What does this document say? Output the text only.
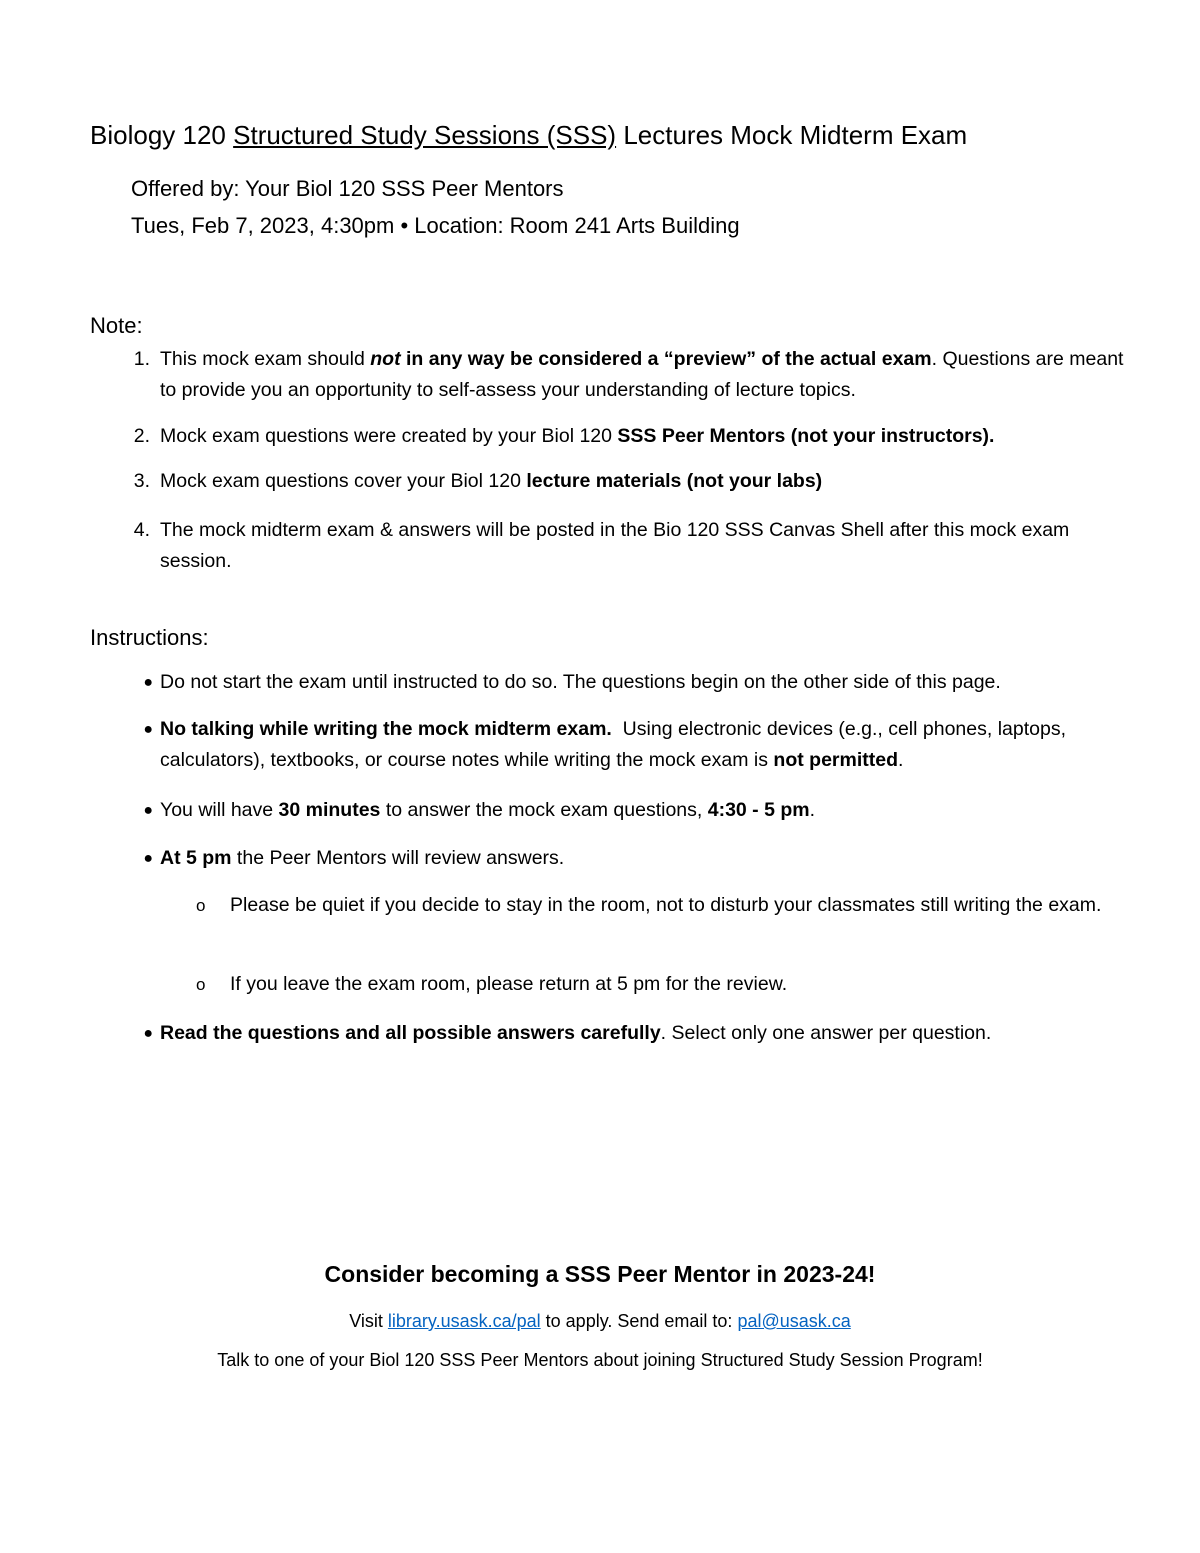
Biology 120 Structured Study Sessions (SSS) Lectures Mock Midterm Exam
Offered by: Your Biol 120 SSS Peer Mentors
Tues, Feb 7, 2023, 4:30pm • Location: Room 241 Arts Building
Note:
1. This mock exam should not in any way be considered a “preview” of the actual exam. Questions are meant to provide you an opportunity to self-assess your understanding of lecture topics.
2. Mock exam questions were created by your Biol 120 SSS Peer Mentors (not your instructors).
3. Mock exam questions cover your Biol 120 lecture materials (not your labs)
4. The mock midterm exam & answers will be posted in the Bio 120 SSS Canvas Shell after this mock exam session.
Instructions:
● Do not start the exam until instructed to do so. The questions begin on the other side of this page.
● No talking while writing the mock midterm exam.  Using electronic devices (e.g., cell phones, laptops, calculators), textbooks, or course notes while writing the mock exam is not permitted.
● You will have 30 minutes to answer the mock exam questions, 4:30 - 5 pm.
● At 5 pm the Peer Mentors will review answers.
o Please be quiet if you decide to stay in the room, not to disturb your classmates still writing the exam.
o If you leave the exam room, please return at 5 pm for the review.
● Read the questions and all possible answers carefully. Select only one answer per question.
Consider becoming a SSS Peer Mentor in 2023-24!
Visit library.usask.ca/pal to apply. Send email to: pal@usask.ca
Talk to one of your Biol 120 SSS Peer Mentors about joining Structured Study Session Program!
